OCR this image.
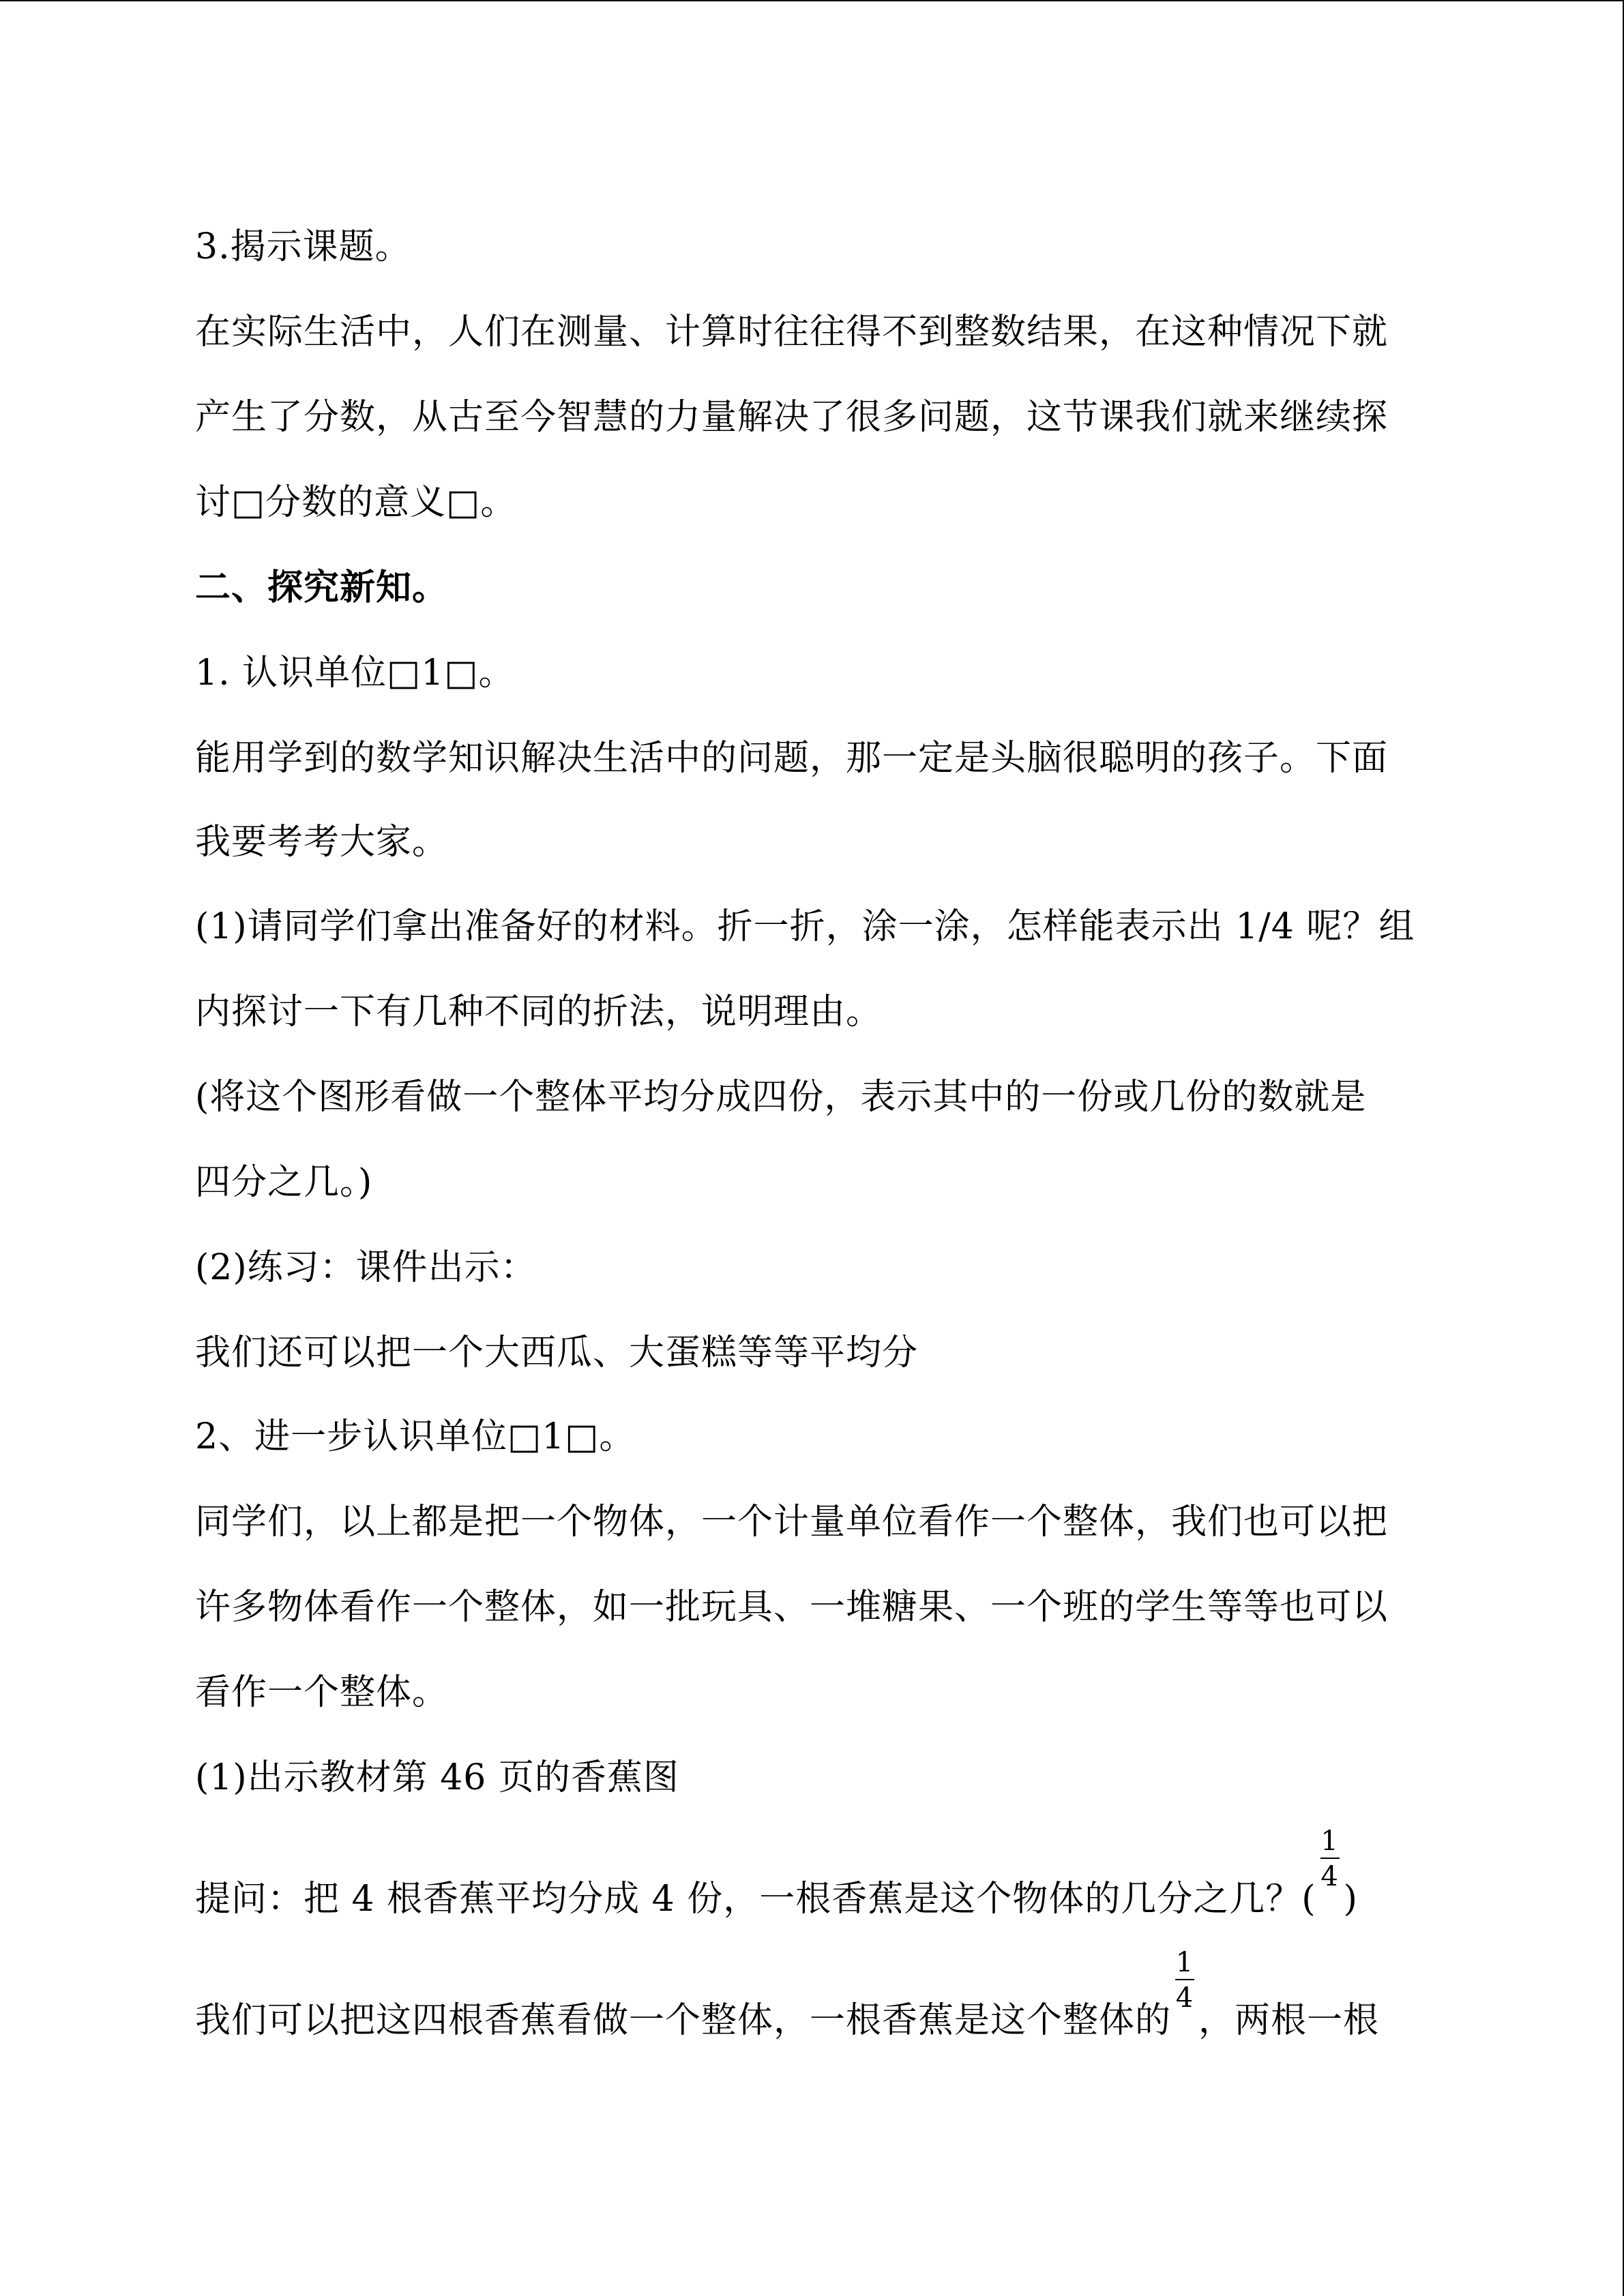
3.揭示课题。
在实际生活中，人们在测量、计算时往往得不到整数结果，在这种情况下就
产生了分数，从古至今智慧的力量解决了很多问题，这节课我们就来继续探
讨□分数的意义□。
二、探究新知。
1. 认识单位□1□。
能用学到的数学知识解决生活中的问题，那一定是头脑很聪明的孩子。下面
我要考考大家。
(1)请同学们拿出准备好的材料。折一折，涂一涂，怎样能表示出 1/4 呢？组
内探讨一下有几种不同的折法，说明理由。
(将这个图形看做一个整体平均分成四份，表示其中的一份或几份的数就是
四分之几。)
(2)练习：课件出示：
我们还可以把一个大西瓜、大蛋糕等等平均分
2、进一步认识单位□1□。
同学们，以上都是把一个物体，一个计量单位看作一个整体，我们也可以把
许多物体看作一个整体，如一批玩具、一堆糖果、一个班的学生等等也可以
看作一个整体。
(1)出示教材第 46 页的香蕉图
提问：把 4 根香蕉平均分成 4 份，一根香蕉是这个物体的几分之几？( $\frac{1}{4}$ )
我们可以把这四根香蕉看做一个整体，一根香蕉是这个整体的 $\frac{1}{4}$ ，两根一根
